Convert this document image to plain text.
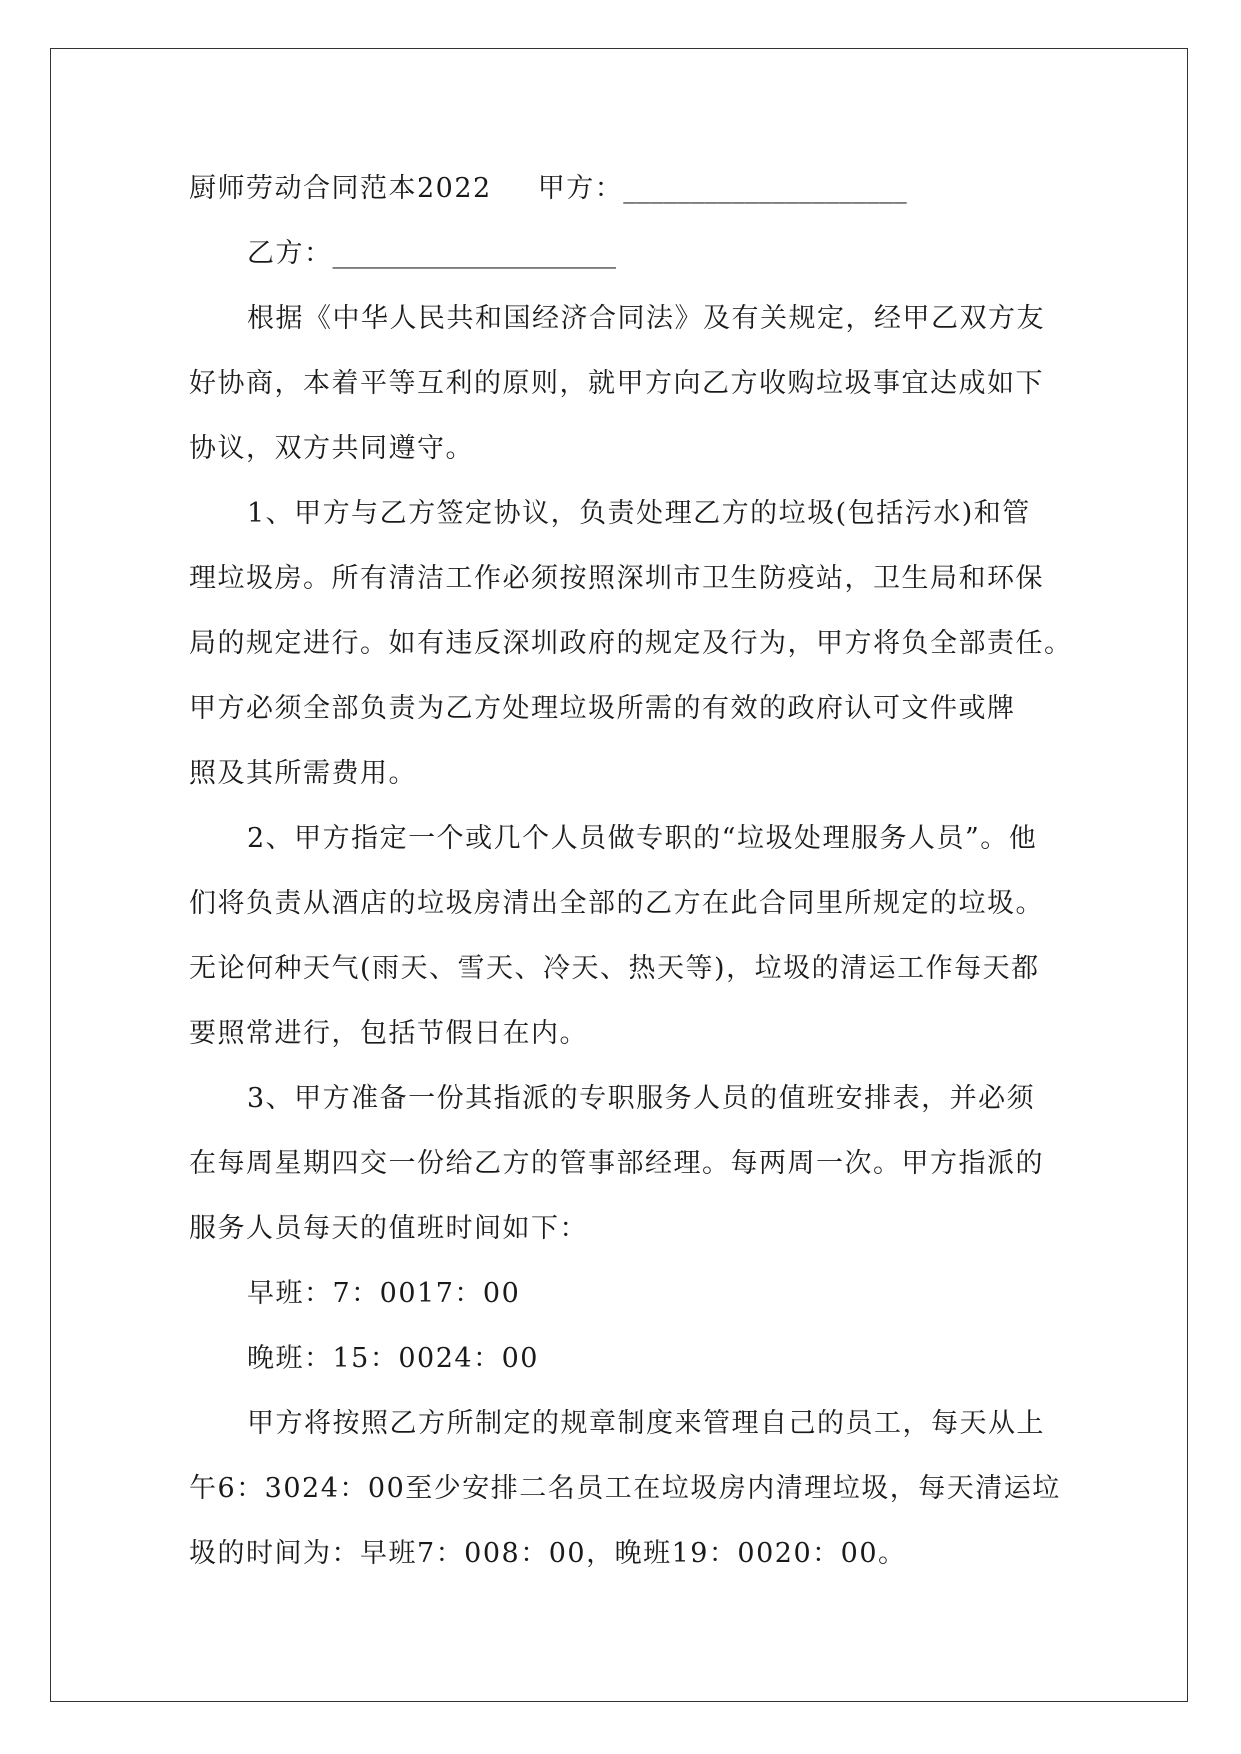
厨师劳动合同范本2022 甲方：_____________________
乙方：_____________________
根据《中华人民共和国经济合同法》及有关规定，经甲乙双方友
好协商，本着平等互利的原则，就甲方向乙方收购垃圾事宜达成如下
协议，双方共同遵守。
1、甲方与乙方签定协议，负责处理乙方的垃圾(包括污水)和管
理垃圾房。所有清洁工作必须按照深圳市卫生防疫站，卫生局和环保
局的规定进行。如有违反深圳政府的规定及行为，甲方将负全部责任。
甲方必须全部负责为乙方处理垃圾所需的有效的政府认可文件或牌
照及其所需费用。
2、甲方指定一个或几个人员做专职的“垃圾处理服务人员”。他
们将负责从酒店的垃圾房清出全部的乙方在此合同里所规定的垃圾。
无论何种天气(雨天、雪天、冷天、热天等)，垃圾的清运工作每天都
要照常进行，包括节假日在内。
3、甲方准备一份其指派的专职服务人员的值班安排表，并必须
在每周星期四交一份给乙方的管事部经理。每两周一次。甲方指派的
服务人员每天的值班时间如下：
早班：7：0017：00
晚班：15：0024：00
甲方将按照乙方所制定的规章制度来管理自己的员工，每天从上
午6：3024：00至少安排二名员工在垃圾房内清理垃圾，每天清运垃
圾的时间为：早班7：008：00，晚班19：0020：00。
